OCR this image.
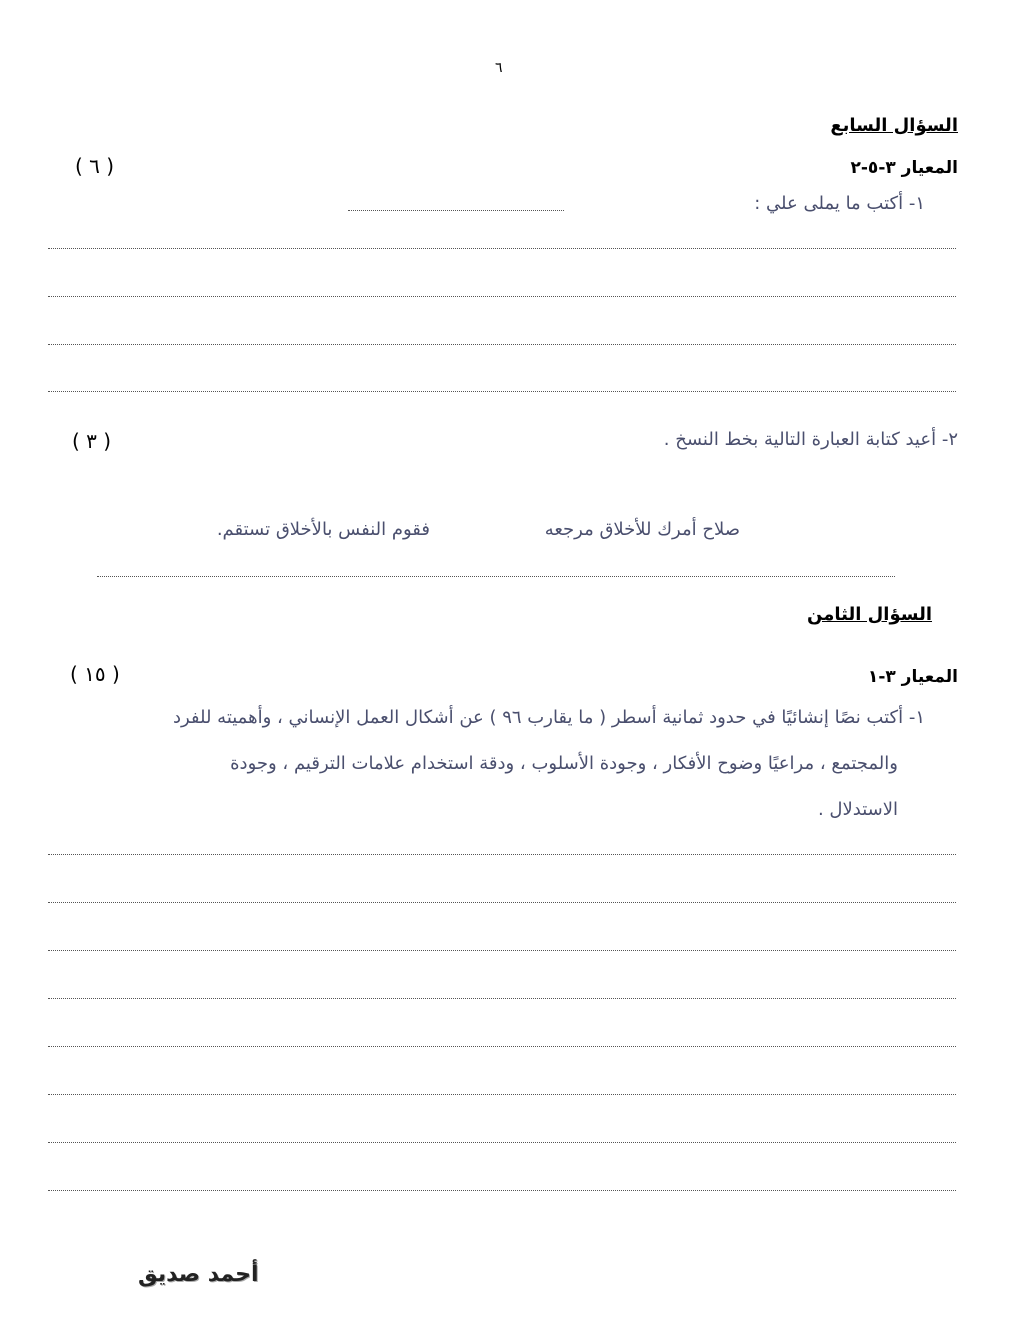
٦
السؤال السابع
المعيار ٣-٥-٢
( ٦ )
١- أكتب ما يملى علي :
٢- أعيد كتابة العبارة التالية بخط النسخ .
( ٣ )
صلاح أمرك للأخلاق مرجعه
فقوم النفس بالأخلاق تستقم.
السؤال الثامن
المعيار ٣-١
( ١٥ )
١- أكتب نصًا إنشائيًا في حدود ثمانية أسطر ( ما يقارب ٩٦ ) عن أشكال العمل الإنساني ، وأهميته للفرد
والمجتمع ، مراعيًا وضوح الأفكار ، وجودة الأسلوب ، ودقة استخدام علامات الترقيم ، وجودة
الاستدلال .
أحمد صديق
